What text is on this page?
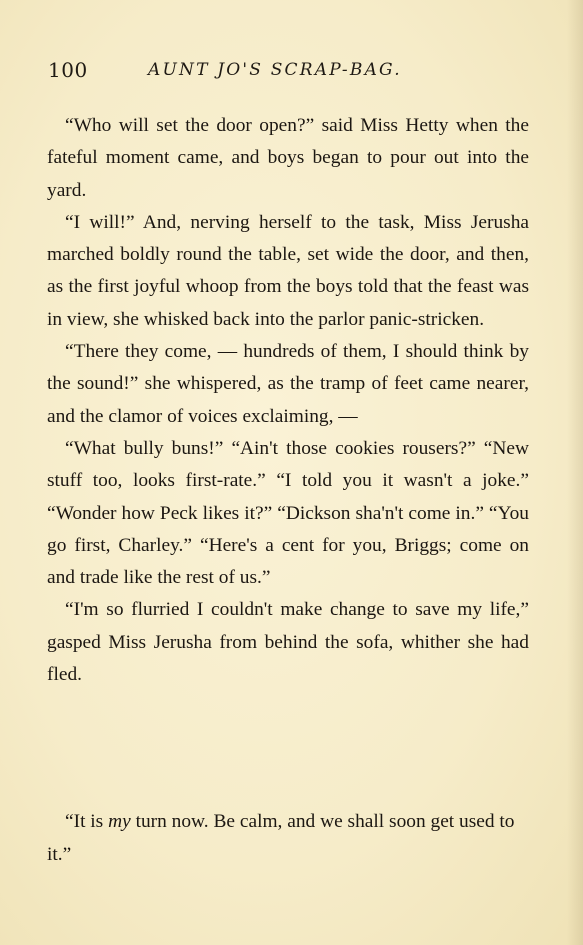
100	AUNT JO'S SCRAP-BAG.

“Who will set the door open?” said Miss Hetty when the fateful moment came, and boys began to pour out into the yard.

“I will!” And, nerving herself to the task, Miss Jerusha marched boldly round the table, set wide the door, and then, as the first joyful whoop from the boys told that the feast was in view, she whisked back into the parlor panic-stricken.

“There they come, — hundreds of them, I should think by the sound!” she whispered, as the tramp of feet came nearer, and the clamor of voices exclaiming, —

“What bully buns!” “Ain't those cookies rousers?” “New stuff too, looks first-rate.” “I told you it wasn't a joke.” “Wonder how Peck likes it?” “Dickson sha'n't come in.” “You go first, Charley.” “Here's a cent for you, Briggs; come on and trade like the rest of us.”

“I'm so flurried I couldn't make change to save my life,” gasped Miss Jerusha from behind the sofa, whither she had fled.

“It is my turn now. Be calm, and we shall soon get used to it.”
